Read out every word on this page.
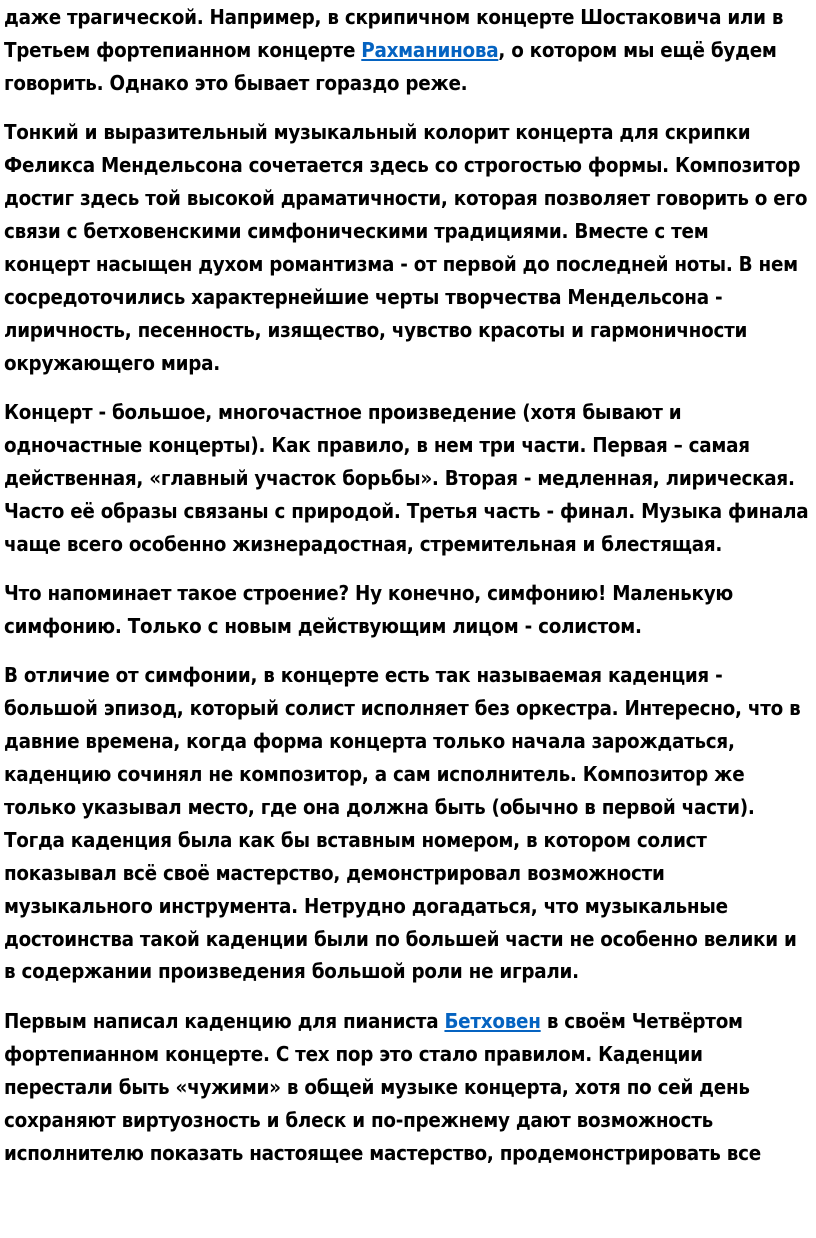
даже трагической. Например, в скрипичном концерте Шостаковича или в
Третьем фортепианном концерте Рахманинова, о котором мы ещё будем
говорить. Однако это бывает гораздо реже.

Тонкий и выразительный музыкальный колорит концерта для скрипки
Феликса Мендельсона сочетается здесь со строгостью формы. Композитор
достиг здесь той высокой драматичности, которая позволяет говорить о его
связи с бетховенскими симфоническими традициями. Вместе с тем
концерт насыщен духом романтизма - от первой до последней ноты. В нем
сосредоточились характернейшие черты творчества Мендельсона -
лиричность, песенность, изящество, чувство красоты и гармоничности
окружающего мира.

Концерт - большое, многочастное произведение (хотя бывают и
одночастные концерты). Как правило, в нем три части. Первая – самая
действенная, «главный участок борьбы». Вторая - медленная, лирическая.
Часто её образы связаны с природой. Третья часть - финал. Музыка финала
чаще всего особенно жизнерадостная, стремительная и блестящая.

Что напоминает такое строение? Ну конечно, симфонию! Маленькую
симфонию. Только с новым действующим лицом - солистом.

В отличие от симфонии, в концерте есть так называемая каденция -
большой эпизод, который солист исполняет без оркестра. Интересно, что в
давние времена, когда форма концерта только начала зарождаться,
каденцию сочинял не композитор, а сам исполнитель. Композитор же
только указывал место, где она должна быть (обычно в первой части).
Тогда каденция была как бы вставным номером, в котором солист
показывал всё своё мастерство, демонстрировал возможности
музыкального инструмента. Нетрудно догадаться, что музыкальные
достоинства такой каденции были по большей части не особенно велики и
в содержании произведения большой роли не играли.

Первым написал каденцию для пианиста Бетховен в своём Четвёртом
фортепианном концерте. С тех пор это стало правилом. Каденции
перестали быть «чужими» в общей музыке концерта, хотя по сей день
сохраняют виртуозность и блеск и по-прежнему дают возможность
исполнителю показать настоящее мастерство, продемонстрировать все
